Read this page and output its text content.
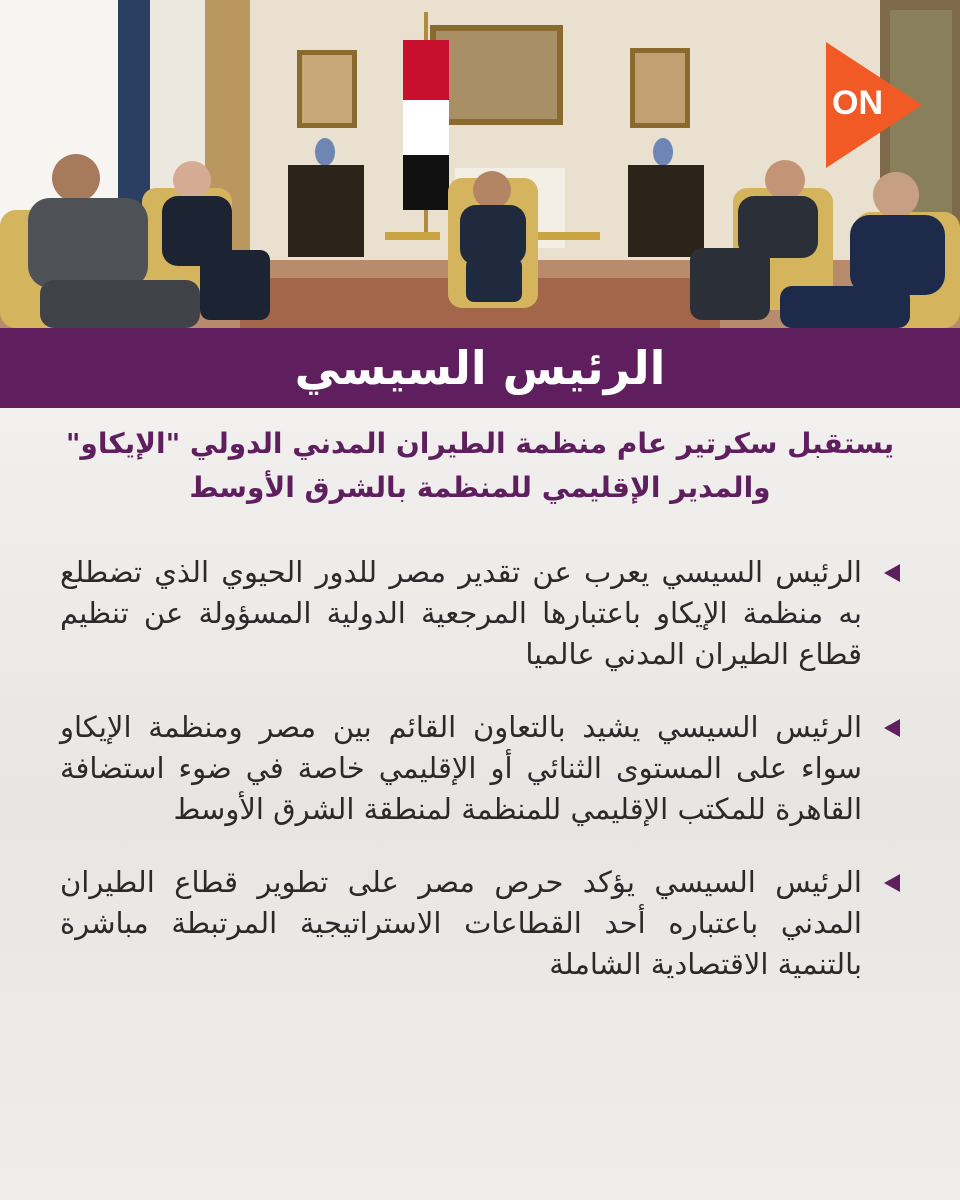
ON
الرئيس السيسي
يستقبل سكرتير عام منظمة الطيران المدني الدولي "الإيكاو"
والمدير الإقليمي للمنظمة بالشرق الأوسط
الرئيس السيسي يعرب عن تقدير مصر للدور الحيوي الذي تضطلع به منظمة الإيكاو باعتبارها المرجعية الدولية المسؤولة عن تنظيم قطاع الطيران المدني عالميا
الرئيس السيسي يشيد بالتعاون القائم بين مصر ومنظمة الإيكاو سواء على المستوى الثنائي أو الإقليمي خاصة في ضوء استضافة القاهرة للمكتب الإقليمي للمنظمة لمنطقة الشرق الأوسط
الرئيس السيسي يؤكد حرص مصر على تطوير قطاع الطيران المدني باعتباره أحد القطاعات الاستراتيجية المرتبطة مباشرة بالتنمية الاقتصادية الشاملة
